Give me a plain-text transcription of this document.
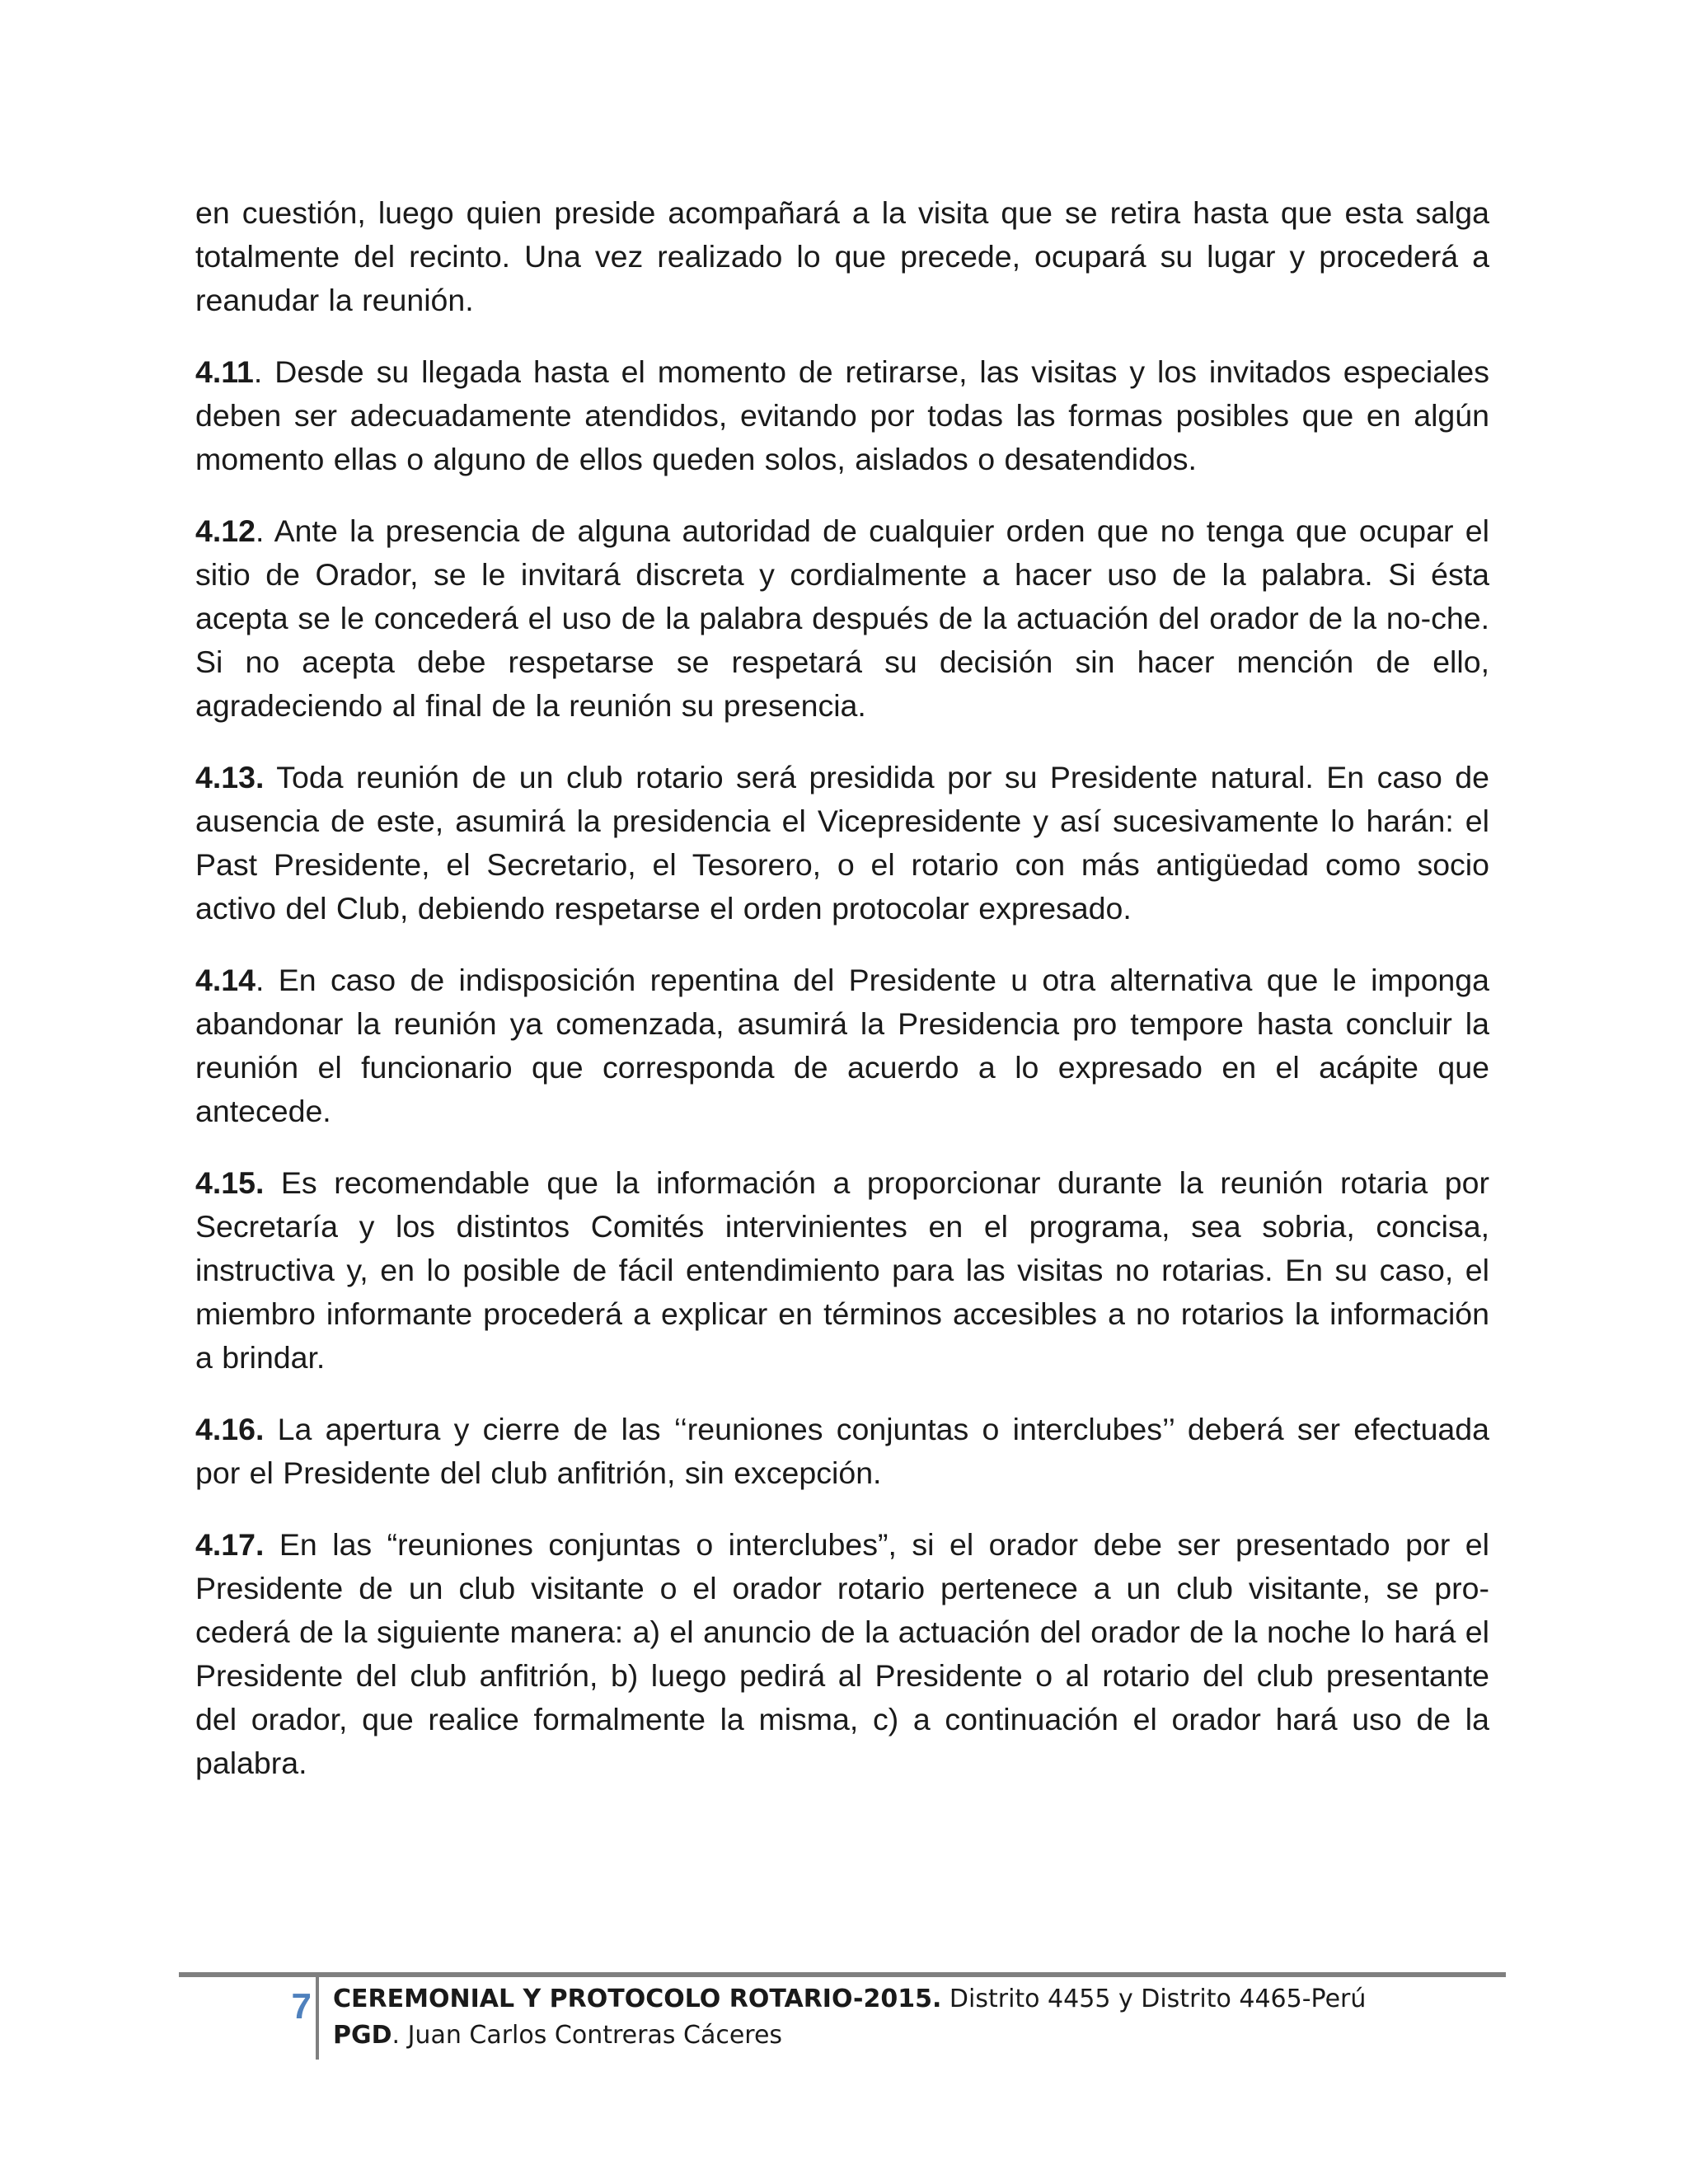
en cuestión, luego quien preside acompañará a la visita que se retira hasta que esta salga totalmente del recinto. Una vez realizado lo que precede, ocupará su lugar y procederá a reanudar la reunión.

4.11. Desde su llegada hasta el momento de retirarse, las visitas y los invitados especiales deben ser adecuadamente atendidos, evitando por todas las formas posibles que en algún momento ellas o alguno de ellos queden solos, aislados o desatendidos.

4.12. Ante la presencia de alguna autoridad de cualquier orden que no tenga que ocupar el sitio de Orador, se le invitará discreta y cordialmente a hacer uso de la palabra. Si ésta acepta se le concederá el uso de la palabra después de la actuación del orador de la no-che. Si no acepta debe respetarse se respetará su decisión sin hacer mención de ello, agradeciendo al final de la reunión su presencia.

4.13. Toda reunión de un club rotario será presidida por su Presidente natural. En caso de ausencia de este, asumirá la presidencia el Vicepresidente y así sucesivamente lo harán: el Past Presidente, el Secretario, el Tesorero, o el rotario con más antigüedad como socio activo del Club, debiendo respetarse el orden protocolar expresado.

4.14. En caso de indisposición repentina del Presidente u otra alternativa que le imponga abandonar la reunión ya comenzada, asumirá la Presidencia pro tempore hasta concluir la reunión el funcionario que corresponda de acuerdo a lo expresado en el acápite que antecede.

4.15. Es recomendable que la información a proporcionar durante la reunión rotaria por Secretaría y los distintos Comités intervinientes en el programa, sea sobria, concisa, instructiva y, en lo posible de fácil entendimiento para las visitas no rotarias. En su caso, el miembro informante procederá a explicar en términos accesibles a no rotarios la información a brindar.

4.16. La apertura y cierre de las ‘‘reuniones conjuntas o interclubes’’ deberá ser efectuada por el Presidente del club anfitrión, sin excepción.

4.17. En las “reuniones conjuntas o interclubes”, si el orador debe ser presentado por el Presidente de un club visitante o el orador rotario pertenece a un club visitante, se pro-cederá de la siguiente manera: a) el anuncio de la actuación del orador de la noche lo hará el Presidente del club anfitrión, b) luego pedirá al Presidente o al rotario del club presentante del orador, que realice formalmente la misma, c) a continuación el orador hará uso de la palabra.

7 CEREMONIAL Y PROTOCOLO ROTARIO-2015. Distrito 4455 y Distrito 4465-Perú
PGD. Juan Carlos Contreras Cáceres
